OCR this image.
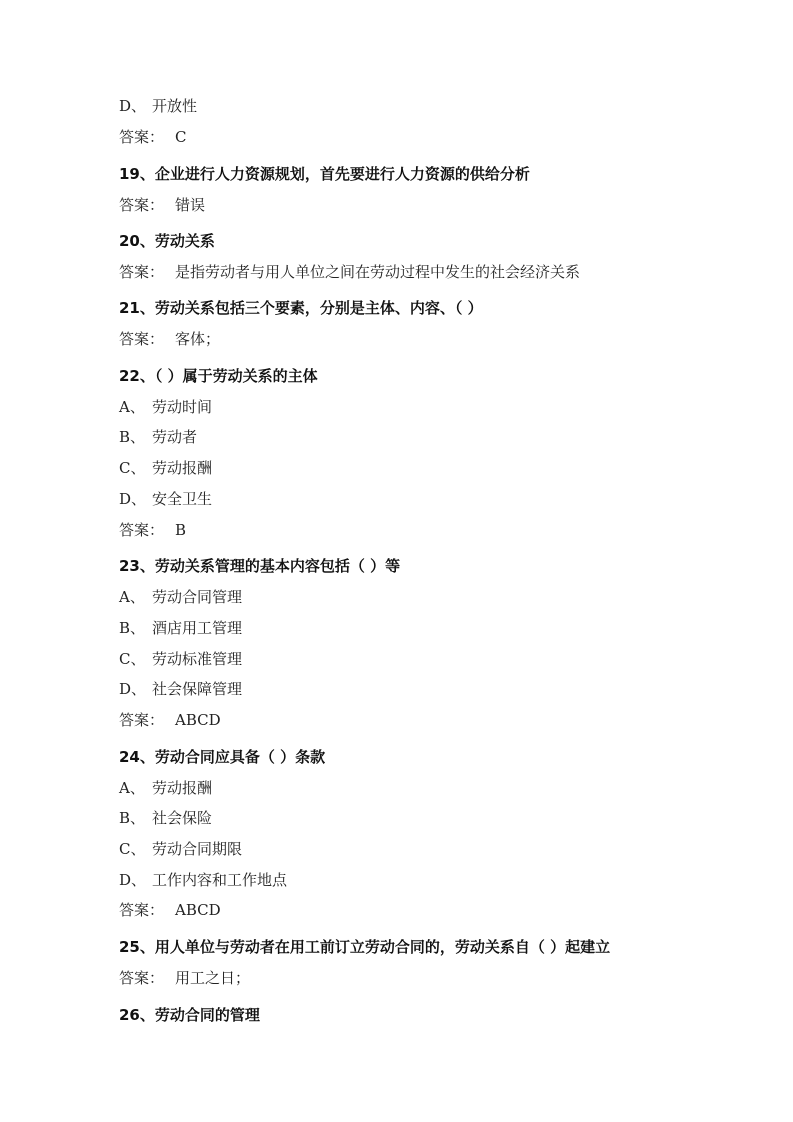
D、 开放性
答案： C
19、企业进行人力资源规划，首先要进行人力资源的供给分析
答案： 错误
20、劳动关系
答案： 是指劳动者与用人单位之间在劳动过程中发生的社会经济关系
21、劳动关系包括三个要素，分别是主体、内容、（ ）
答案： 客体；
22、（ ）属于劳动关系的主体
A、 劳动时间
B、 劳动者
C、 劳动报酬
D、 安全卫生
答案： B
23、劳动关系管理的基本内容包括（ ）等
A、 劳动合同管理
B、 酒店用工管理
C、 劳动标准管理
D、 社会保障管理
答案： ABCD
24、劳动合同应具备（ ）条款
A、 劳动报酬
B、 社会保险
C、 劳动合同期限
D、 工作内容和工作地点
答案： ABCD
25、用人单位与劳动者在用工前订立劳动合同的，劳动关系自（ ）起建立
答案： 用工之日；
26、劳动合同的管理
